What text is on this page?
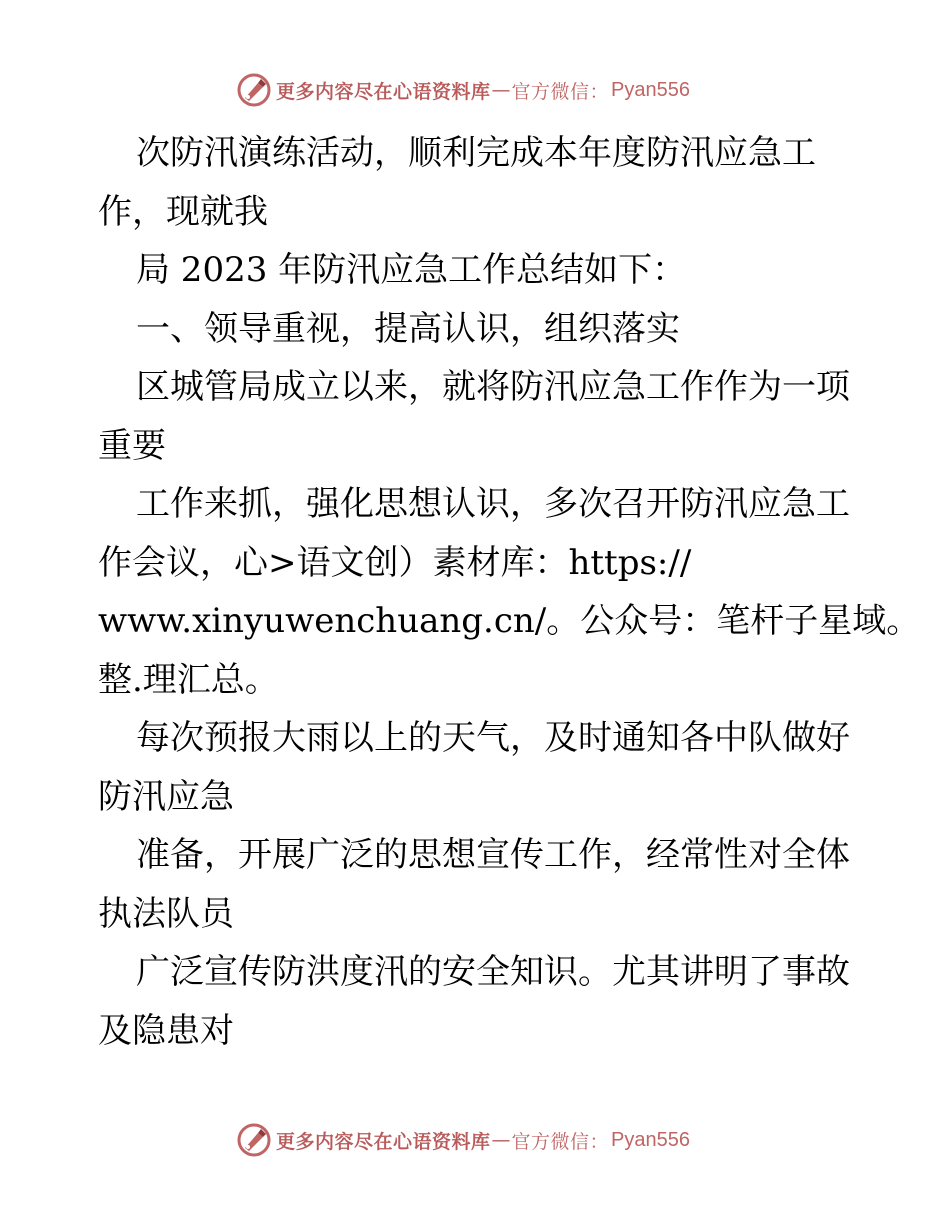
更多内容尽在心语资料库 — 官方微信： Pyan556

次防汛演练活动，顺利完成本年度防汛应急工

作，现就我

局 2023 年防汛应急工作总结如下：

一、领导重视，提高认识，组织落实

区城管局成立以来，就将防汛应急工作作为一项

重要

工作来抓，强化思想认识，多次召开防汛应急工

作会议，心>语文创）素材库：https://

www.xinyuwenchuang.cn/。公众号：笔杆子星域。

整.理汇总。

每次预报大雨以上的天气，及时通知各中队做好

防汛应急

准备，开展广泛的思想宣传工作，经常性对全体

执法队员

广泛宣传防洪度汛的安全知识。尤其讲明了事故

及隐患对

更多内容尽在心语资料库 — 官方微信： Pyan556
